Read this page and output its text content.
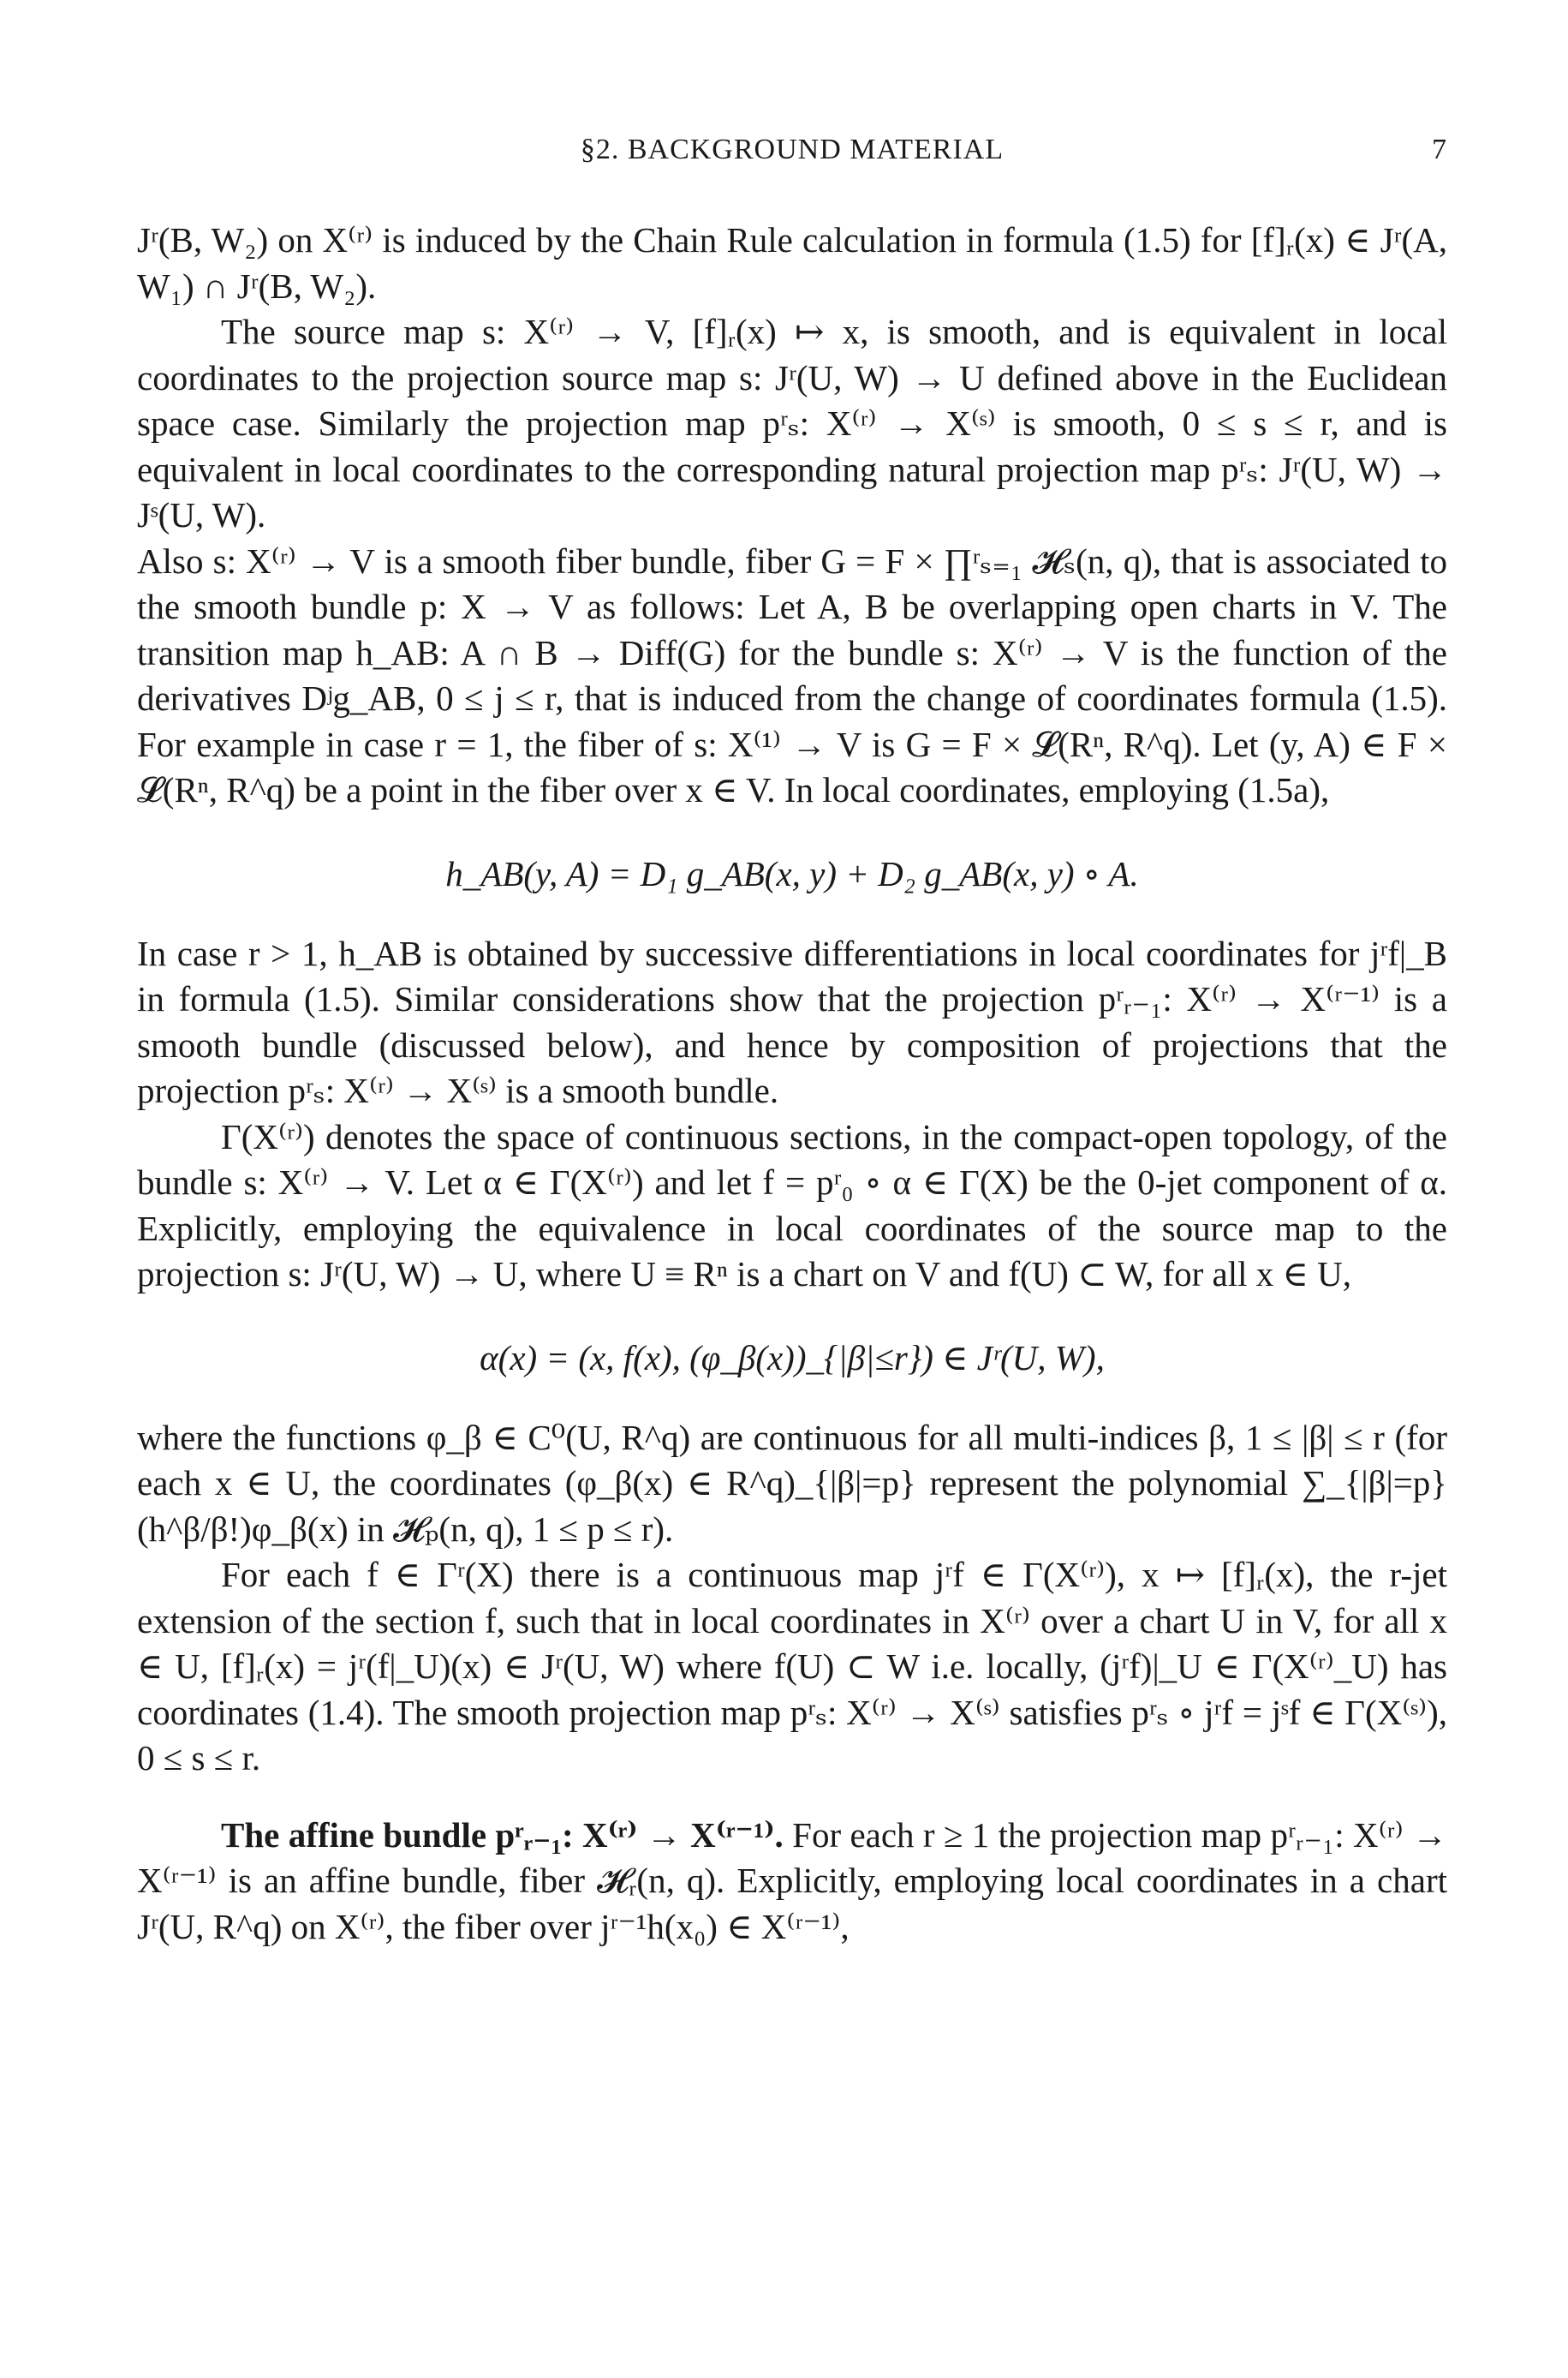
§2. BACKGROUND MATERIAL	7

Jʳ(B, W₂) on X⁽ʳ⁾ is induced by the Chain Rule calculation in formula (1.5) for [f]ᵣ(x) ∈ Jʳ(A, W₁) ∩ Jʳ(B, W₂).

The source map s: X⁽ʳ⁾ → V, [f]ᵣ(x) ↦ x, is smooth, and is equivalent in local coordinates to the projection source map s: Jʳ(U, W) → U defined above in the Euclidean space case. Similarly the projection map pʳₛ: X⁽ʳ⁾ → X⁽ˢ⁾ is smooth, 0 ≤ s ≤ r, and is equivalent in local coordinates to the corresponding natural projection map pʳₛ: Jʳ(U, W) → Jˢ(U, W).

Also s: X⁽ʳ⁾ → V is a smooth fiber bundle, fiber G = F × ∏ʳₛ₌₁ 𝓗ₛ(n, q), that is associated to the smooth bundle p: X → V as follows: Let A, B be overlapping open charts in V. The transition map h_AB: A ∩ B → Diff(G) for the bundle s: X⁽ʳ⁾ → V is the function of the derivatives Dʲg_AB, 0 ≤ j ≤ r, that is induced from the change of coordinates formula (1.5). For example in case r = 1, the fiber of s: X⁽¹⁾ → V is G = F × 𝓛(Rⁿ, R^q). Let (y, A) ∈ F × 𝓛(Rⁿ, R^q) be a point in the fiber over x ∈ V. In local coordinates, employing (1.5a),

h_AB(y, A) = D₁ g_AB(x, y) + D₂ g_AB(x, y) ∘ A.

In case r > 1, h_AB is obtained by successive differentiations in local coordinates for jʳf|_B in formula (1.5). Similar considerations show that the projection pʳᵣ₋₁: X⁽ʳ⁾ → X⁽ʳ⁻¹⁾ is a smooth bundle (discussed below), and hence by composition of projections that the projection pʳₛ: X⁽ʳ⁾ → X⁽ˢ⁾ is a smooth bundle.

Γ(X⁽ʳ⁾) denotes the space of continuous sections, in the compact-open topology, of the bundle s: X⁽ʳ⁾ → V. Let α ∈ Γ(X⁽ʳ⁾) and let f = pʳ₀ ∘ α ∈ Γ(X) be the 0-jet component of α. Explicitly, employing the equivalence in local coordinates of the source map to the projection s: Jʳ(U, W) → U, where U ≡ Rⁿ is a chart on V and f(U) ⊂ W, for all x ∈ U,

α(x) = (x, f(x), (φ_β(x))_{|β|≤r}) ∈ Jʳ(U, W),

where the functions φ_β ∈ C⁰(U, R^q) are continuous for all multi-indices β, 1 ≤ |β| ≤ r (for each x ∈ U, the coordinates (φ_β(x) ∈ R^q)_{|β|=p} represent the polynomial ∑_{|β|=p}(h^β/β!)φ_β(x) in 𝓗ₚ(n, q), 1 ≤ p ≤ r).

For each f ∈ Γʳ(X) there is a continuous map jʳf ∈ Γ(X⁽ʳ⁾), x ↦ [f]ᵣ(x), the r-jet extension of the section f, such that in local coordinates in X⁽ʳ⁾ over a chart U in V, for all x ∈ U, [f]ᵣ(x) = jʳ(f|_U)(x) ∈ Jʳ(U, W) where f(U) ⊂ W i.e. locally, (jʳf)|_U ∈ Γ(X⁽ʳ⁾_U) has coordinates (1.4). The smooth projection map pʳₛ: X⁽ʳ⁾ → X⁽ˢ⁾ satisfies pʳₛ ∘ jʳf = jˢf ∈ Γ(X⁽ˢ⁾), 0 ≤ s ≤ r.

The affine bundle pʳᵣ₋₁: X⁽ʳ⁾ → X⁽ʳ⁻¹⁾. For each r ≥ 1 the projection map pʳᵣ₋₁: X⁽ʳ⁾ → X⁽ʳ⁻¹⁾ is an affine bundle, fiber 𝓗ᵣ(n, q). Explicitly, employing local coordinates in a chart Jʳ(U, R^q) on X⁽ʳ⁾, the fiber over jʳ⁻¹h(x₀) ∈ X⁽ʳ⁻¹⁾,
